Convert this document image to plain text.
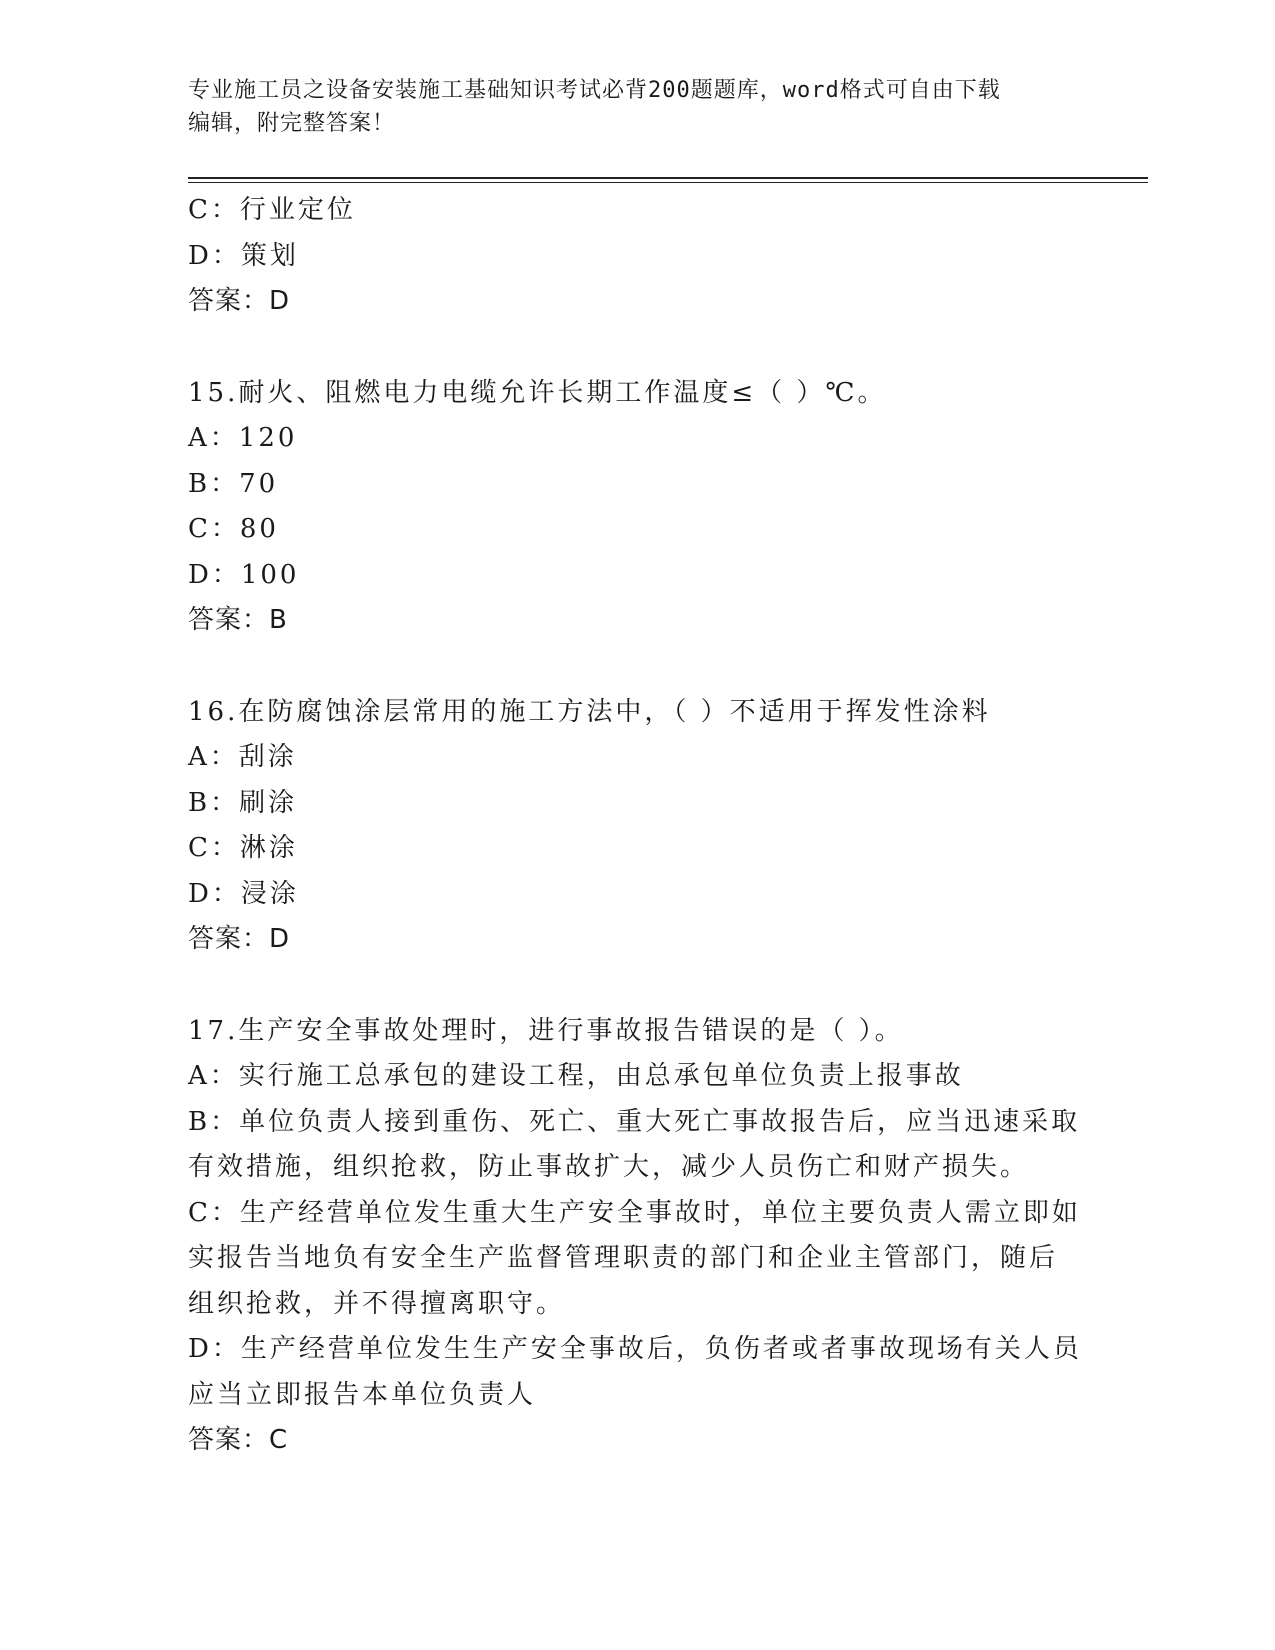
专业施工员之设备安装施工基础知识考试必背200题题库，word格式可自由下载
编辑，附完整答案！
C：行业定位
D：策划
答案：D
15.耐火、阻燃电力电缆允许长期工作温度≤（ ）℃。
A：120
B：70
C：80
D：100
答案：B
16.在防腐蚀涂层常用的施工方法中，（ ）不适用于挥发性涂料
A：刮涂
B：刷涂
C：淋涂
D：浸涂
答案：D
17.生产安全事故处理时，进行事故报告错误的是（ ）。
A：实行施工总承包的建设工程，由总承包单位负责上报事故
B：单位负责人接到重伤、死亡、重大死亡事故报告后，应当迅速采取
有效措施，组织抢救，防止事故扩大，减少人员伤亡和财产损失。
C：生产经营单位发生重大生产安全事故时，单位主要负责人需立即如
实报告当地负有安全生产监督管理职责的部门和企业主管部门，随后
组织抢救，并不得擅离职守。
D：生产经营单位发生生产安全事故后，负伤者或者事故现场有关人员
应当立即报告本单位负责人
答案：C
